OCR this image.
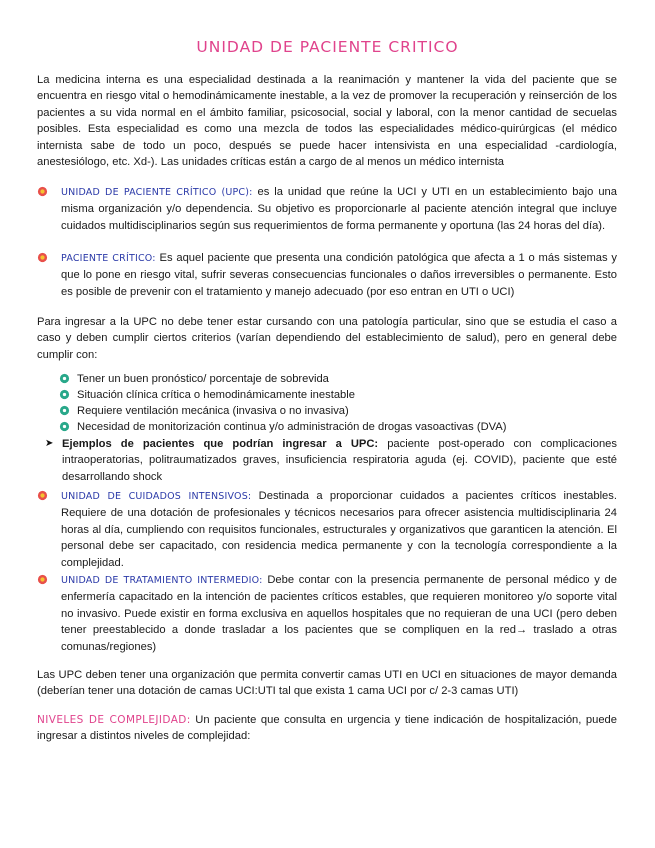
UNIDAD DE PACIENTE CRITICO
La medicina interna es una especialidad destinada a la reanimación y mantener la vida del paciente que se encuentra en riesgo vital o hemodinámicamente inestable, a la vez de promover la recuperación y reinserción de los pacientes a su vida normal en el ámbito familiar, psicosocial, social y laboral, con la menor cantidad de secuelas posibles. Esta especialidad es como una mezcla de todos las especialidades médico-quirúrgicas (el médico internista sabe de todo un poco, después se puede hacer intensivista en una especialidad -cardiología, anestesiólogo, etc. Xd-). Las unidades críticas están a cargo de al menos un médico internista
UNIDAD DE PACIENTE CRÍTICO (UPC): es la unidad que reúne la UCI y UTI en un establecimiento bajo una misma organización y/o dependencia. Su objetivo es proporcionarle al paciente atención integral que incluye cuidados multidisciplinarios según sus requerimientos de forma permanente y oportuna (las 24 horas del día).
PACIENTE CRÍTICO: Es aquel paciente que presenta una condición patológica que afecta a 1 o más sistemas y que lo pone en riesgo vital, sufrir severas consecuencias funcionales o daños irreversibles o permanente. Esto es posible de prevenir con el tratamiento y manejo adecuado (por eso entran en UTI o UCI)
Para ingresar a la UPC no debe tener estar cursando con una patología particular, sino que se estudia el caso a caso y deben cumplir ciertos criterios (varían dependiendo del establecimiento de salud), pero en general debe cumplir con:
Tener un buen pronóstico/ porcentaje de sobrevida
Situación clínica crítica o hemodinámicamente inestable
Requiere ventilación mecánica (invasiva o no invasiva)
Necesidad de monitorización continua y/o administración de drogas vasoactivas (DVA)
➤ Ejemplos de pacientes que podrían ingresar a UPC: paciente post-operado con complicaciones intraoperatorias, politraumatizados graves, insuficiencia respiratoria aguda (ej. COVID), paciente que esté desarrollando shock
UNIDAD DE CUIDADOS INTENSIVOS: Destinada a proporcionar cuidados a pacientes críticos inestables. Requiere de una dotación de profesionales y técnicos necesarios para ofrecer asistencia multidisciplinaria 24 horas al día, cumpliendo con requisitos funcionales, estructurales y organizativos que garanticen la atención. El personal debe ser capacitado, con residencia medica permanente y con la tecnología correspondiente a la complejidad.
UNIDAD DE TRATAMIENTO INTERMEDIO: Debe contar con la presencia permanente de personal médico y de enfermería capacitado en la intención de pacientes críticos estables, que requieren monitoreo y/o soporte vital no invasivo. Puede existir en forma exclusiva en aquellos hospitales que no requieran de una UCI (pero deben tener preestablecido a donde trasladar a los pacientes que se compliquen en la red→ traslado a otras comunas/regiones)
Las UPC deben tener una organización que permita convertir camas UTI en UCI en situaciones de mayor demanda (deberían tener una dotación de camas UCI:UTI tal que exista 1 cama UCI por c/ 2-3 camas UTI)
NIVELES DE COMPLEJIDAD: Un paciente que consulta en urgencia y tiene indicación de hospitalización, puede ingresar a distintos niveles de complejidad:
